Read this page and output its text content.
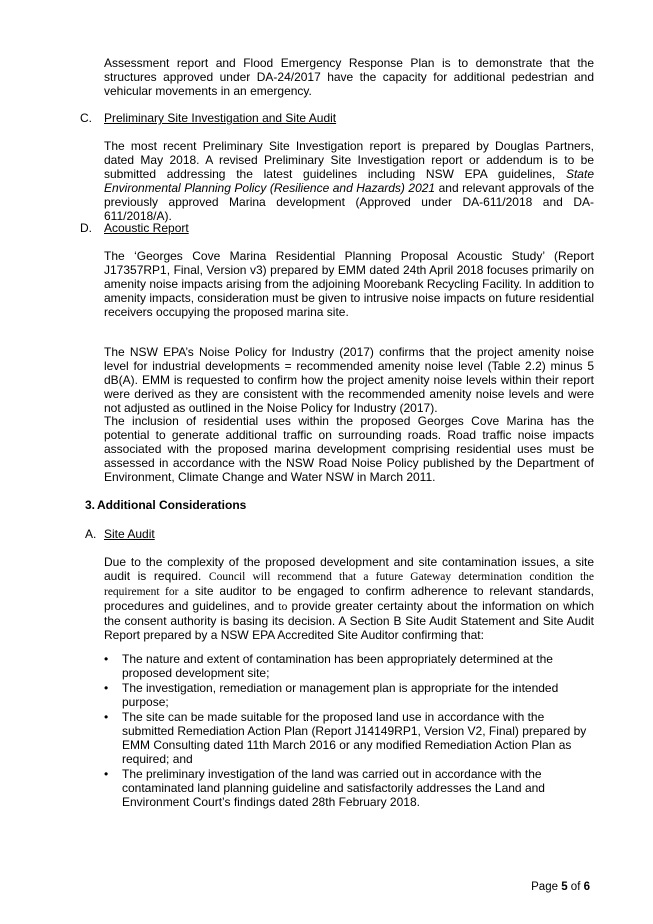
Assessment report and Flood Emergency Response Plan is to demonstrate that the structures approved under DA-24/2017 have the capacity for additional pedestrian and vehicular movements in an emergency.

C. Preliminary Site Investigation and Site Audit

The most recent Preliminary Site Investigation report is prepared by Douglas Partners, dated May 2018. A revised Preliminary Site Investigation report or addendum is to be submitted addressing the latest guidelines including NSW EPA guidelines, State Environmental Planning Policy (Resilience and Hazards) 2021 and relevant approvals of the previously approved Marina development (Approved under DA-611/2018 and DA-611/2018/A).

D. Acoustic Report

The ‘Georges Cove Marina Residential Planning Proposal Acoustic Study’ (Report J17357RP1, Final, Version v3) prepared by EMM dated 24th April 2018 focuses primarily on amenity noise impacts arising from the adjoining Moorebank Recycling Facility. In addition to amenity impacts, consideration must be given to intrusive noise impacts on future residential receivers occupying the proposed marina site.

The NSW EPA’s Noise Policy for Industry (2017) confirms that the project amenity noise level for industrial developments = recommended amenity noise level (Table 2.2) minus 5 dB(A). EMM is requested to confirm how the project amenity noise levels within their report were derived as they are consistent with the recommended amenity noise levels and were not adjusted as outlined in the Noise Policy for Industry (2017).

The inclusion of residential uses within the proposed Georges Cove Marina has the potential to generate additional traffic on surrounding roads. Road traffic noise impacts associated with the proposed marina development comprising residential uses must be assessed in accordance with the NSW Road Noise Policy published by the Department of Environment, Climate Change and Water NSW in March 2011.

3. Additional Considerations
A. Site Audit

Due to the complexity of the proposed development and site contamination issues, a site audit is required. Council will recommend that a future Gateway determination condition the requirement for a site auditor to be engaged to confirm adherence to relevant standards, procedures and guidelines, and to provide greater certainty about the information on which the consent authority is basing its decision. A Section B Site Audit Statement and Site Audit Report prepared by a NSW EPA Accredited Site Auditor confirming that:

• The nature and extent of contamination has been appropriately determined at the proposed development site;
• The investigation, remediation or management plan is appropriate for the intended purpose;
• The site can be made suitable for the proposed land use in accordance with the submitted Remediation Action Plan (Report J14149RP1, Version V2, Final) prepared by EMM Consulting dated 11th March 2016 or any modified Remediation Action Plan as required; and
• The preliminary investigation of the land was carried out in accordance with the contaminated land planning guideline and satisfactorily addresses the Land and Environment Court’s findings dated 28th February 2018.
Page 5 of 6
